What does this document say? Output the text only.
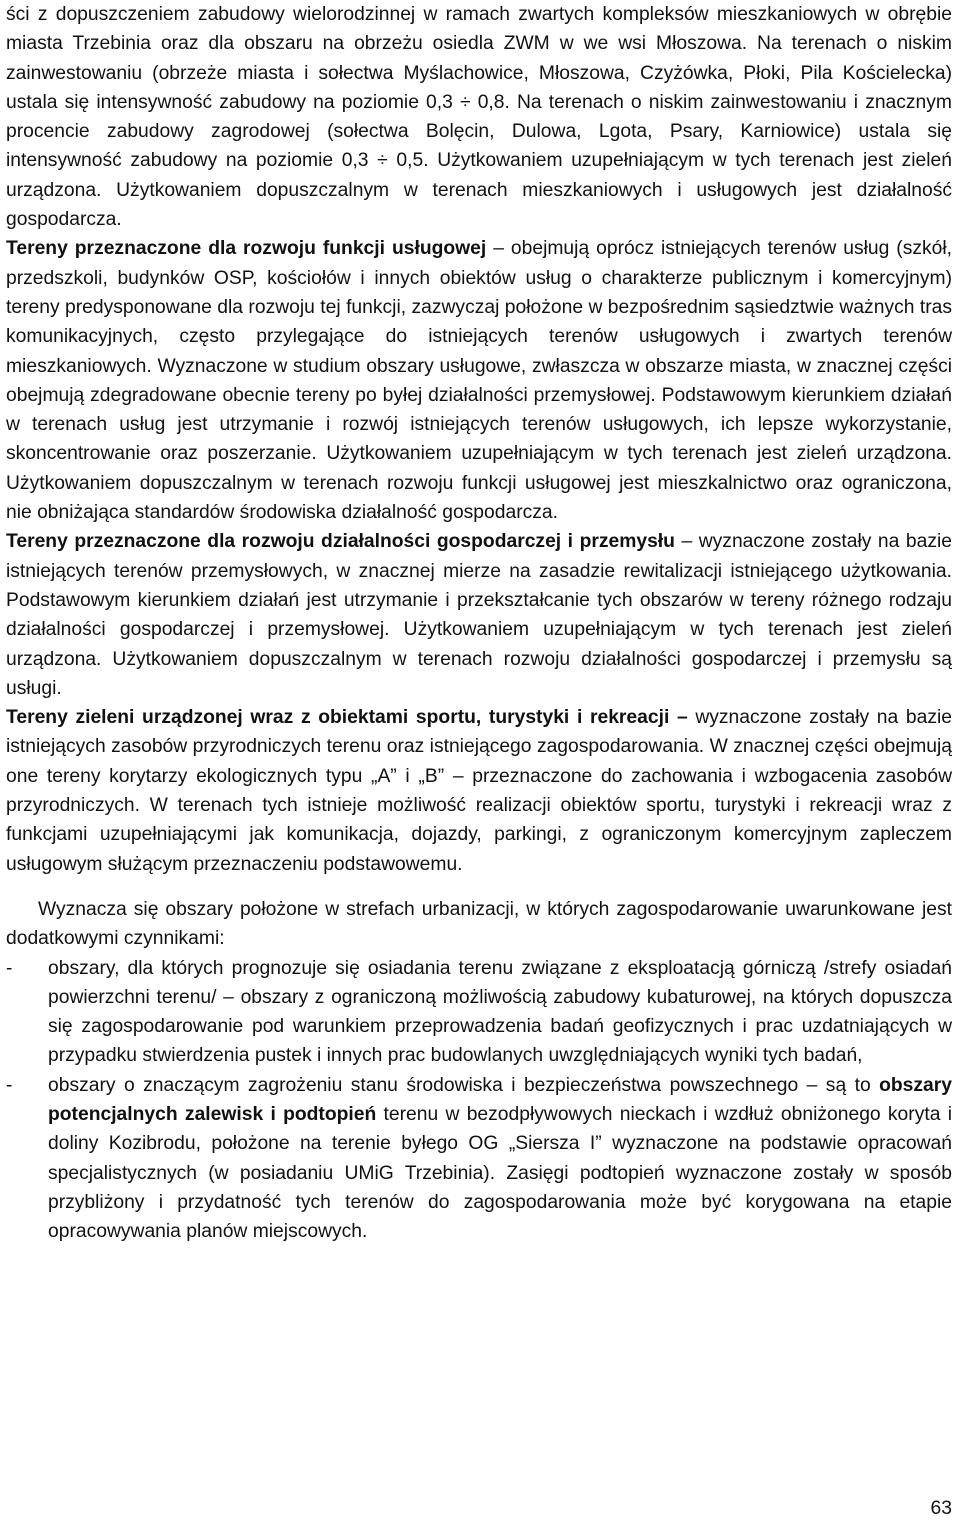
ści z dopuszczeniem zabudowy wielorodzinnej w ramach zwartych kompleksów mieszkaniowych w obrębie miasta Trzebinia oraz dla obszaru na obrzeżu osiedla ZWM w we wsi Młoszowa. Na terenach o niskim zainwestowaniu (obrzeże miasta i sołectwa Myślachowice, Młoszowa, Czyżówka, Płoki, Pila Kościelecka) ustala się intensywność zabudowy na poziomie 0,3 ÷ 0,8. Na terenach o niskim zainwestowaniu i znacznym procencie zabudowy zagrodowej (sołectwa Bolęcin, Dulowa, Lgota, Psary, Karniowice) ustala się intensywność zabudowy na poziomie 0,3 ÷ 0,5. Użytkowaniem uzupełniającym w tych terenach jest zieleń urządzona. Użytkowaniem dopuszczalnym w terenach mieszkaniowych i usługowych jest działalność gospodarcza.

Tereny przeznaczone dla rozwoju funkcji usługowej – obejmują oprócz istniejących terenów usług (szkół, przedszkoli, budynków OSP, kościołów i innych obiektów usług o charakterze publicznym i komercyjnym) tereny predysponowane dla rozwoju tej funkcji, zazwyczaj położone w bezpośrednim sąsiedztwie ważnych tras komunikacyjnych, często przylegające do istniejących terenów usługowych i zwartych terenów mieszkaniowych. Wyznaczone w studium obszary usługowe, zwłaszcza w obszarze miasta, w znacznej części obejmują zdegradowane obecnie tereny po byłej działalności przemysłowej. Podstawowym kierunkiem działań w terenach usług jest utrzymanie i rozwój istniejących terenów usługowych, ich lepsze wykorzystanie, skoncentrowanie oraz poszerzanie. Użytkowaniem uzupełniającym w tych terenach jest zieleń urządzona. Użytkowaniem dopuszczalnym w terenach rozwoju funkcji usługowej jest mieszkalnictwo oraz ograniczona, nie obniżająca standardów środowiska działalność gospodarcza.

Tereny przeznaczone dla rozwoju działalności gospodarczej i przemysłu – wyznaczone zostały na bazie istniejących terenów przemysłowych, w znacznej mierze na zasadzie rewitalizacji istniejącego użytkowania. Podstawowym kierunkiem działań jest utrzymanie i przekształcanie tych obszarów w tereny różnego rodzaju działalności gospodarczej i przemysłowej. Użytkowaniem uzupełniającym w tych terenach jest zieleń urządzona. Użytkowaniem dopuszczalnym w terenach rozwoju działalności gospodarczej i przemysłu są usługi.

Tereny zieleni urządzonej wraz z obiektami sportu, turystyki i rekreacji – wyznaczone zostały na bazie istniejących zasobów przyrodniczych terenu oraz istniejącego zagospodarowania. W znacznej części obejmują one tereny korytarzy ekologicznych typu „A” i „B” – przeznaczone do zachowania i wzbogacenia zasobów przyrodniczych. W terenach tych istnieje możliwość realizacji obiektów sportu, turystyki i rekreacji wraz z funkcjami uzupełniającymi jak komunikacja, dojazdy, parkingi, z ograniczonym komercyjnym zapleczem usługowym służącym przeznaczeniu podstawowemu.

Wyznacza się obszary położone w strefach urbanizacji, w których zagospodarowanie uwarunkowane jest dodatkowymi czynnikami:

-	obszary, dla których prognozuje się osiadania terenu związane z eksploatacją górniczą /strefy osiadań powierzchni terenu/ – obszary z ograniczoną możliwością zabudowy kubaturowej, na których dopuszcza się zagospodarowanie pod warunkiem przeprowadzenia badań geofizycznych i prac uzdatniających w przypadku stwierdzenia pustek i innych prac budowlanych uwzględniających wyniki tych badań,
-	obszary o znaczącym zagrożeniu stanu środowiska i bezpieczeństwa powszechnego – są to obszary potencjalnych zalewisk i podtopień terenu w bezodpływowych nieckach i wzdłuż obniżonego koryta i doliny Kozibrodu, położone na terenie byłego OG „Siersza I” wyznaczone na podstawie opracowań specjalistycznych (w posiadaniu UMiG Trzebinia). Zasięgi podtopień wyznaczone zostały w sposób przybliżony i przydatność tych terenów do zagospodarowania może być korygowana na etapie opracowywania planów miejscowych.
63
